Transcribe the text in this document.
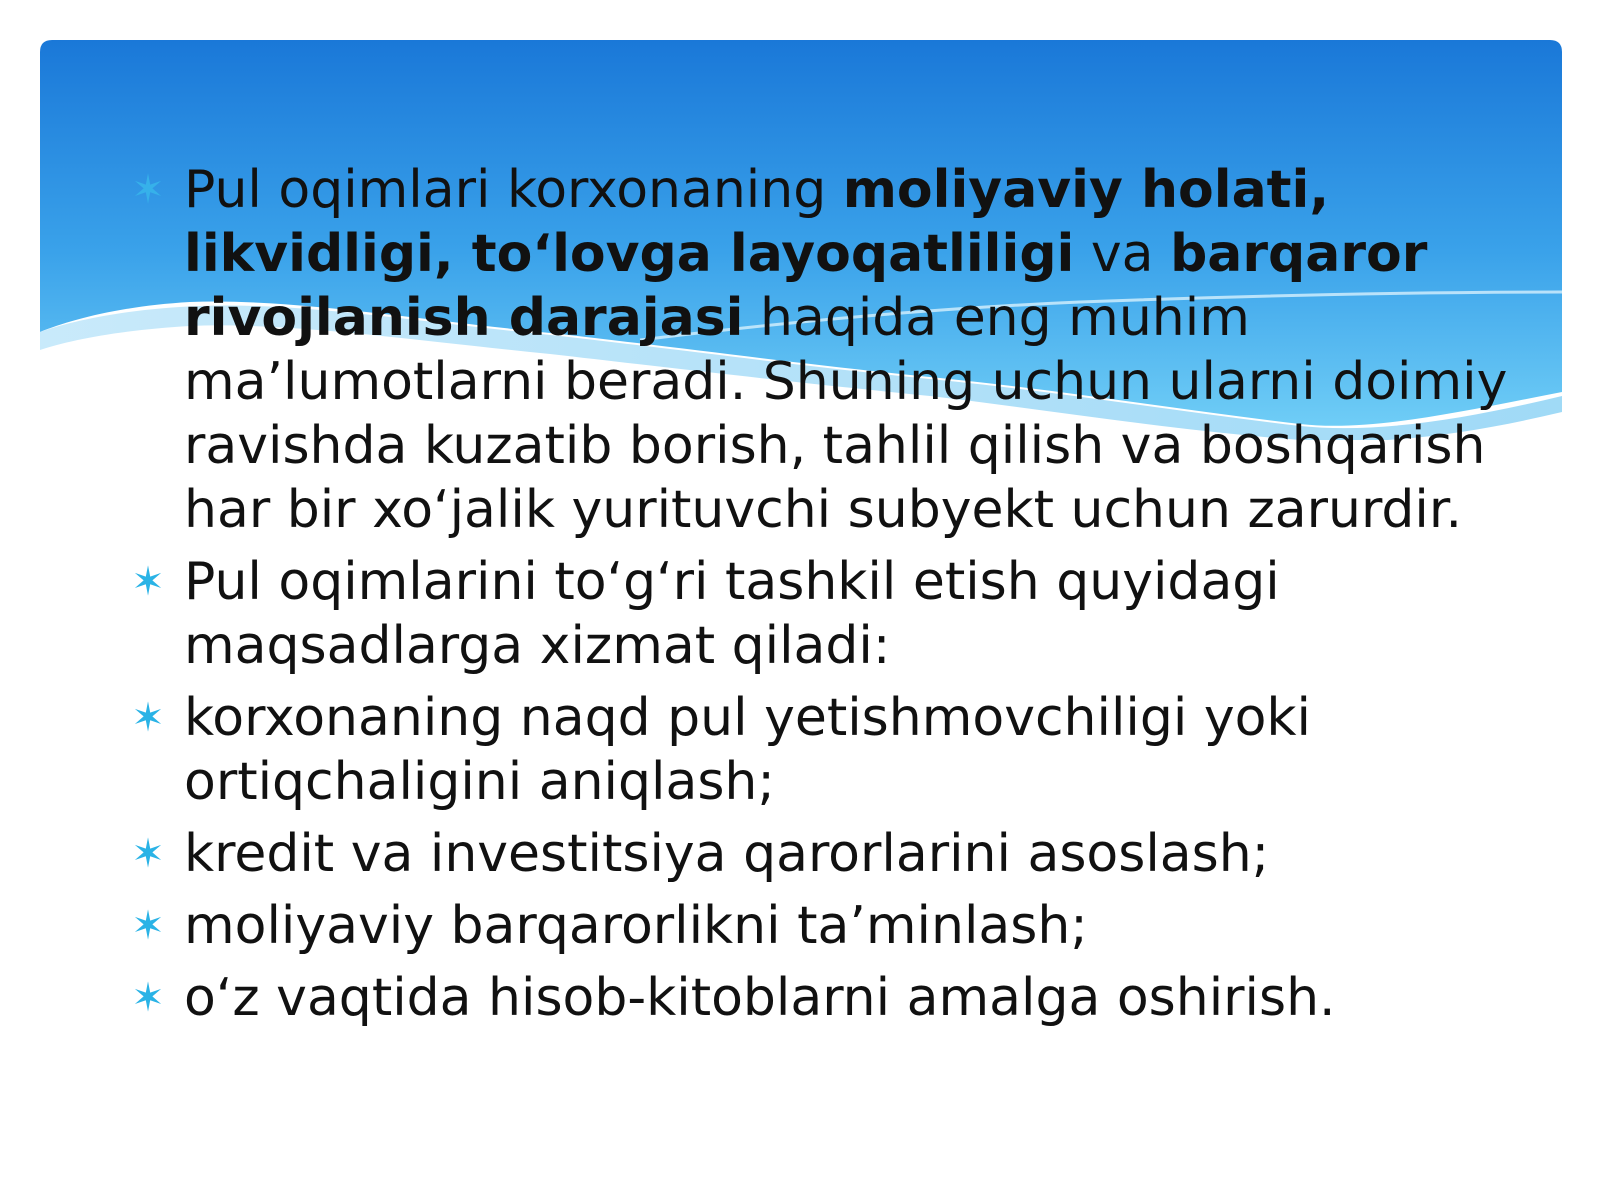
✶ Pul oqimlari korxonaning moliyaviy holati, likvidligi, to‘lovga layoqatliligi va barqaror rivojlanish darajasi haqida eng muhim ma’lumotlarni beradi. Shuning uchun ularni doimiy ravishda kuzatib borish, tahlil qilish va boshqarish har bir xo‘jalik yurituvchi subyekt uchun zarurdir.
✶ Pul oqimlarini to‘g‘ri tashkil etish quyidagi maqsadlarga xizmat qiladi:
✶ korxonaning naqd pul yetishmovchiligi yoki ortiqchaligini aniqlash;
✶ kredit va investitsiya qarorlarini asoslash;
✶ moliyaviy barqarorlikni ta’minlash;
✶ o‘z vaqtida hisob-kitoblarni amalga oshirish.
